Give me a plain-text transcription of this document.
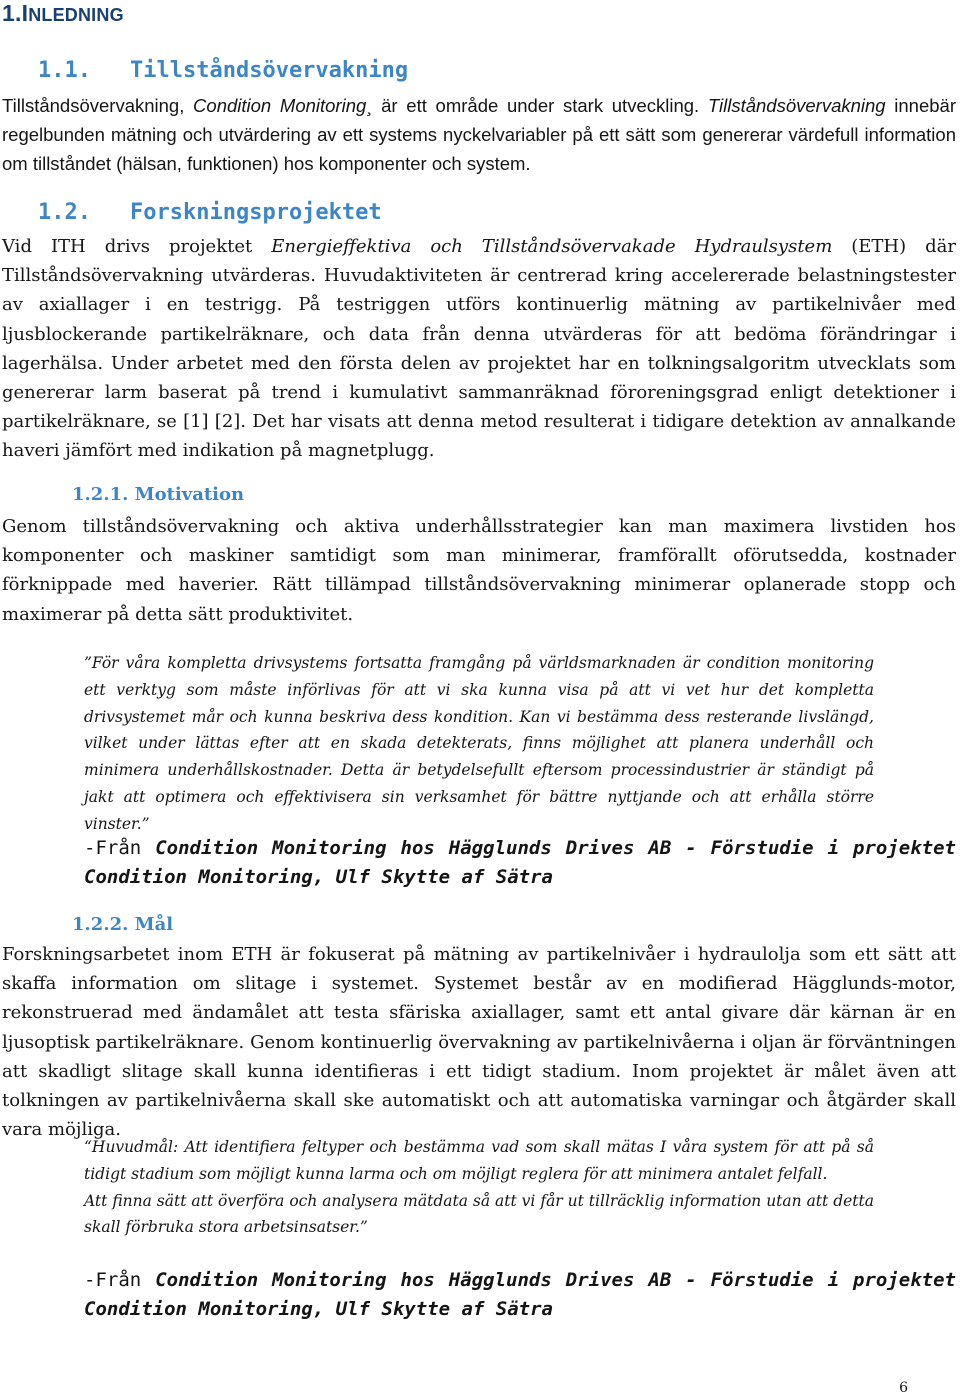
1.INLEDNING
1.1. Tillståndsövervakning
Tillståndsövervakning, Condition Monitoring¸ är ett område under stark utveckling. Tillståndsövervakning innebär regelbunden mätning och utvärdering av ett systems nyckelvariabler på ett sätt som genererar värdefull information om tillståndet (hälsan, funktionen) hos komponenter och system.
1.2. Forskningsprojektet
Vid ITH drivs projektet Energieffektiva och Tillståndsövervakade Hydraulsystem (ETH) där Tillståndsövervakning utvärderas. Huvudaktiviteten är centrerad kring accelererade belastningstester av axiallager i en testrigg. På testriggen utförs kontinuerlig mätning av partikelnivåer med ljusblockerande partikelräknare, och data från denna utvärderas för att bedöma förändringar i lagerhälsa. Under arbetet med den första delen av projektet har en tolkningsalgoritm utvecklats som genererar larm baserat på trend i kumulativt sammanräknad föroreningsgrad enligt detektioner i partikelräknare, se [1] [2]. Det har visats att denna metod resulterat i tidigare detektion av annalkande haveri jämfört med indikation på magnetplugg.
1.2.1. Motivation
Genom tillståndsövervakning och aktiva underhållsstrategier kan man maximera livstiden hos komponenter och maskiner samtidigt som man minimerar, framförallt oförutsedda, kostnader förknippade med haverier. Rätt tillämpad tillståndsövervakning minimerar oplanerade stopp och maximerar på detta sätt produktivitet.
”För våra kompletta drivsystems fortsatta framgång på världsmarknaden är condition monitoring ett verktyg som måste införlivas för att vi ska kunna visa på att vi vet hur det kompletta drivsystemet mår och kunna beskriva dess kondition. Kan vi bestämma dess resterande livslängd, vilket under lättas efter att en skada detekterats, finns möjlighet att planera underhåll och minimera underhållskostnader. Detta är betydelsefullt eftersom processindustrier är ständigt på jakt att optimera och effektivisera sin verksamhet för bättre nyttjande och att erhålla större vinster.”
-Från Condition Monitoring hos Hägglunds Drives AB - Förstudie i projektet Condition Monitoring, Ulf Skytte af Sätra
1.2.2. Mål
Forskningsarbetet inom ETH är fokuserat på mätning av partikelnivåer i hydraulolja som ett sätt att skaffa information om slitage i systemet. Systemet består av en modifierad Hägglunds-motor, rekonstruerad med ändamålet att testa sfäriska axiallager, samt ett antal givare där kärnan är en ljusoptisk partikelräknare. Genom kontinuerlig övervakning av partikelnivåerna i oljan är förväntningen att skadligt slitage skall kunna identifieras i ett tidigt stadium. Inom projektet är målet även att tolkningen av partikelnivåerna skall ske automatiskt och att automatiska varningar och åtgärder skall vara möjliga.
“Huvudmål: Att identifiera feltyper och bestämma vad som skall mätas I våra system för att på så tidigt stadium som möjligt kunna larma och om möjligt reglera för att minimera antalet felfall.
Att finna sätt att överföra och analysera mätdata så att vi får ut tillräcklig information utan att detta skall förbruka stora arbetsinsatser.”
-Från Condition Monitoring hos Hägglunds Drives AB - Förstudie i projektet Condition Monitoring, Ulf Skytte af Sätra
6
